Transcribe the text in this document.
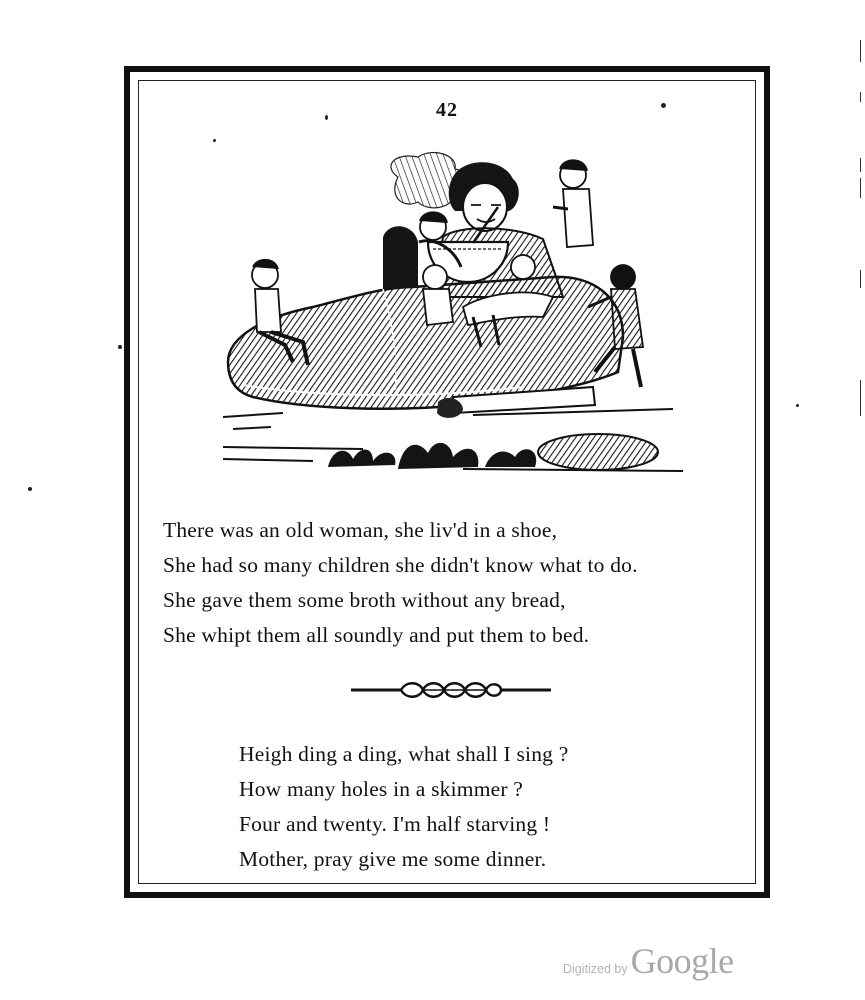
42
There was an old woman, she liv'd in a shoe,
She had so many children she didn't know what to do.
She gave them some broth without any bread,
She whipt them all soundly and put them to bed.
Heigh ding a ding, what shall I sing ?
How many holes in a skimmer ?
Four and twenty. I'm half starving !
Mother, pray give me some dinner.
Digitized by Google
